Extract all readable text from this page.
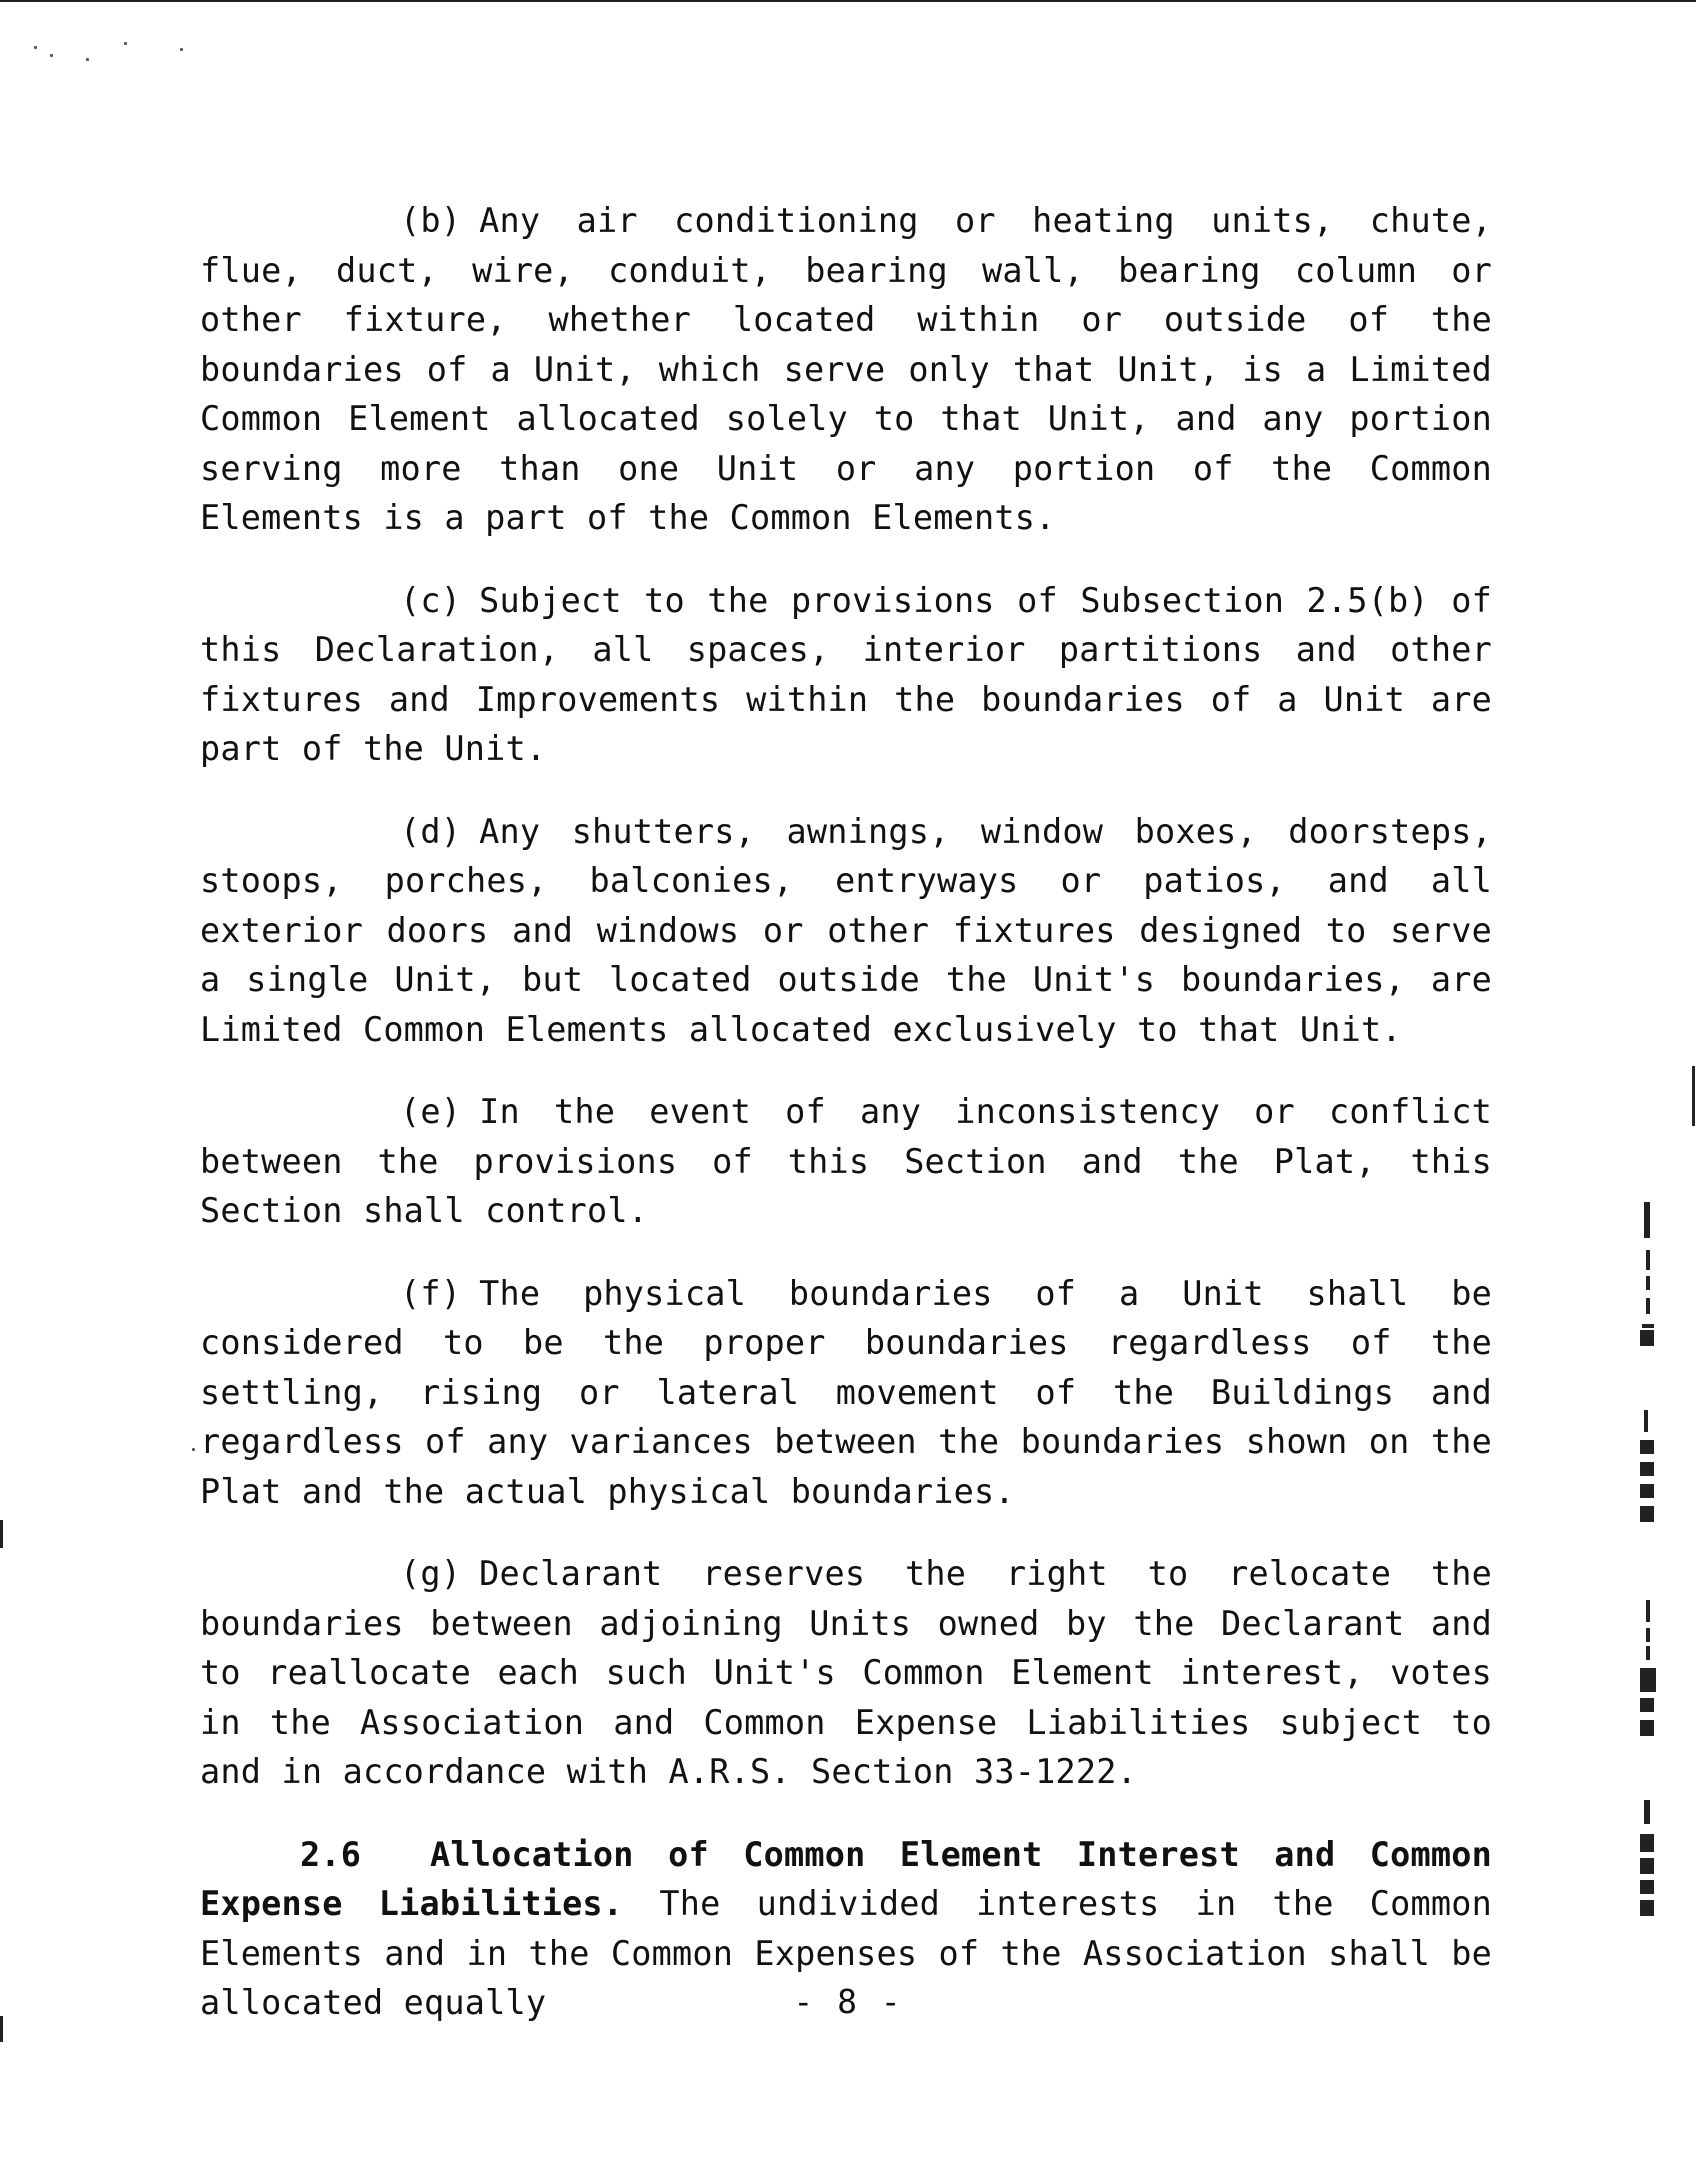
(b) Any air conditioning or heating units, chute, flue, duct, wire, conduit, bearing wall, bearing column or other fixture, whether located within or outside of the boundaries of a Unit, which serve only that Unit, is a Limited Common Element allocated solely to that Unit, and any portion serving more than one Unit or any portion of the Common Elements is a part of the Common Elements.

(c) Subject to the provisions of Subsection 2.5(b) of this Declaration, all spaces, interior partitions and other fixtures and Improvements within the boundaries of a Unit are part of the Unit.

(d) Any shutters, awnings, window boxes, doorsteps, stoops, porches, balconies, entryways or patios, and all exterior doors and windows or other fixtures designed to serve a single Unit, but located outside the Unit's boundaries, are Limited Common Elements allocated exclusively to that Unit.

(e) In the event of any inconsistency or conflict between the provisions of this Section and the Plat, this Section shall control.

(f) The physical boundaries of a Unit shall be considered to be the proper boundaries regardless of the settling, rising or lateral movement of the Buildings and regardless of any variances between the boundaries shown on the Plat and the actual physical boundaries.

(g) Declarant reserves the right to relocate the boundaries between adjoining Units owned by the Declarant and to reallocate each such Unit's Common Element interest, votes in the Association and Common Expense Liabilities subject to and in accordance with A.R.S. Section 33-1222.

2.6 Allocation of Common Element Interest and Common Expense Liabilities. The undivided interests in the Common Elements and in the Common Expenses of the Association shall be allocated equally	- 8 -
